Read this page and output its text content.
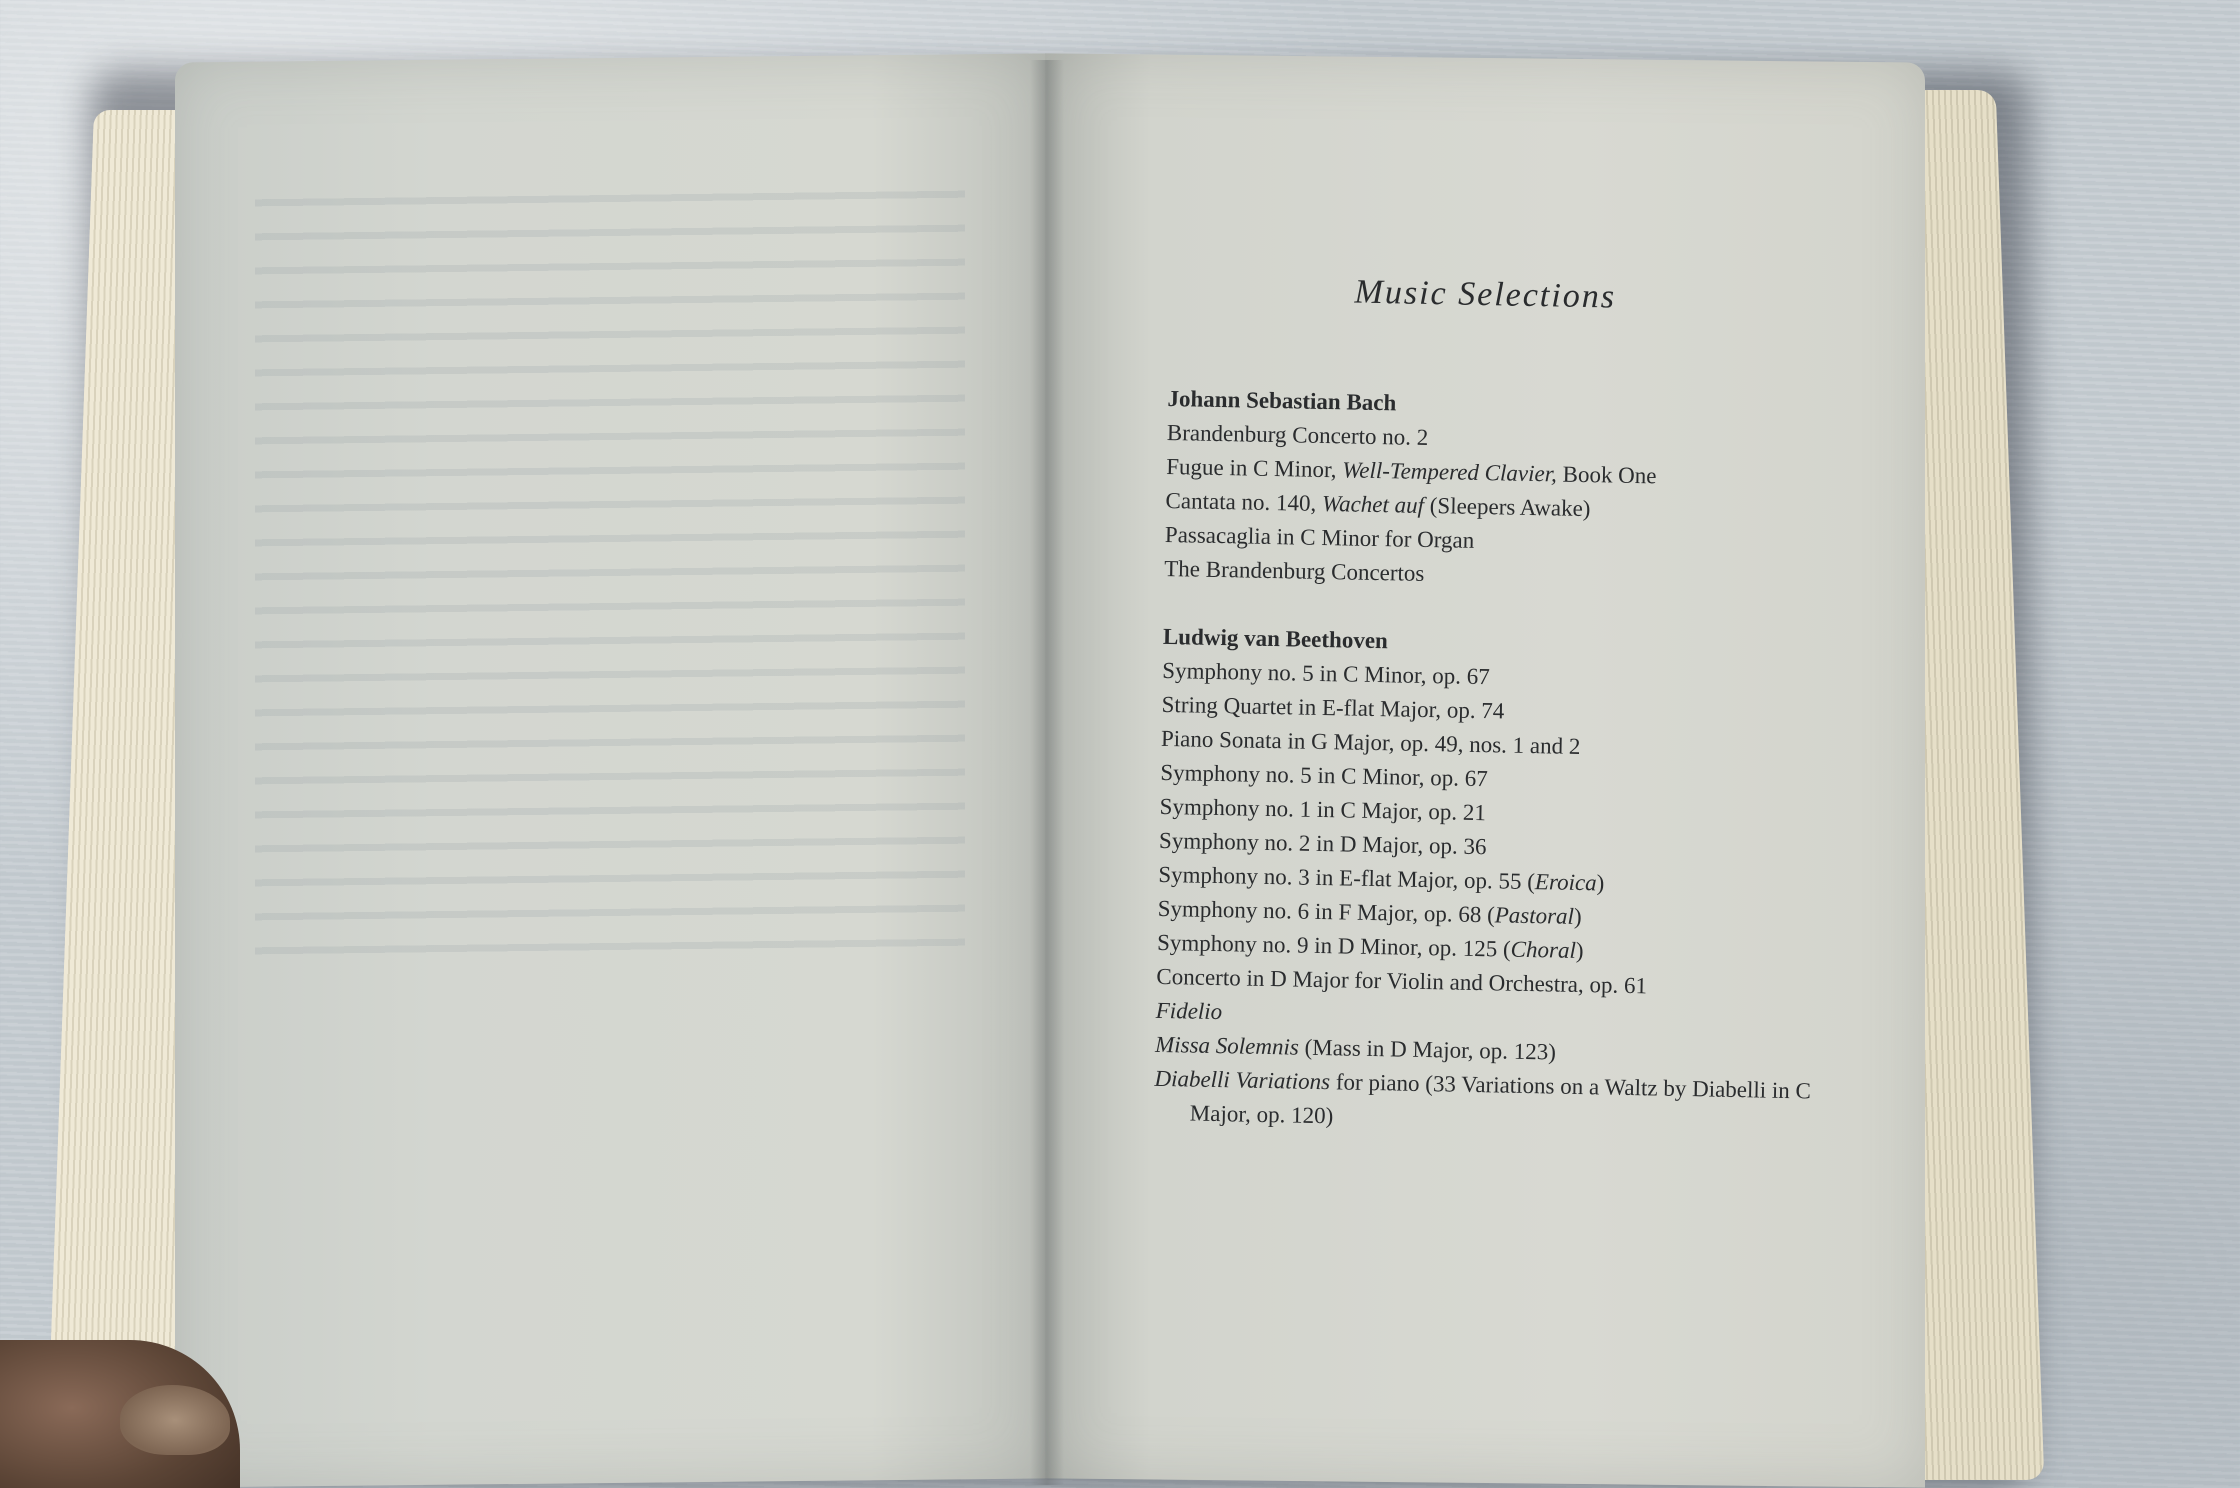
Music Selections
Johann Sebastian Bach
Brandenburg Concerto no. 2
Fugue in C Minor, Well-Tempered Clavier, Book One
Cantata no. 140, Wachet auf (Sleepers Awake)
Passacaglia in C Minor for Organ
The Brandenburg Concertos
Ludwig van Beethoven
Symphony no. 5 in C Minor, op. 67
String Quartet in E-flat Major, op. 74
Piano Sonata in G Major, op. 49, nos. 1 and 2
Symphony no. 5 in C Minor, op. 67
Symphony no. 1 in C Major, op. 21
Symphony no. 2 in D Major, op. 36
Symphony no. 3 in E-flat Major, op. 55 (Eroica)
Symphony no. 6 in F Major, op. 68 (Pastoral)
Symphony no. 9 in D Minor, op. 125 (Choral)
Concerto in D Major for Violin and Orchestra, op. 61
Fidelio
Missa Solemnis (Mass in D Major, op. 123)
Diabelli Variations for piano (33 Variations on a Waltz by Diabelli in C Major, op. 120)
